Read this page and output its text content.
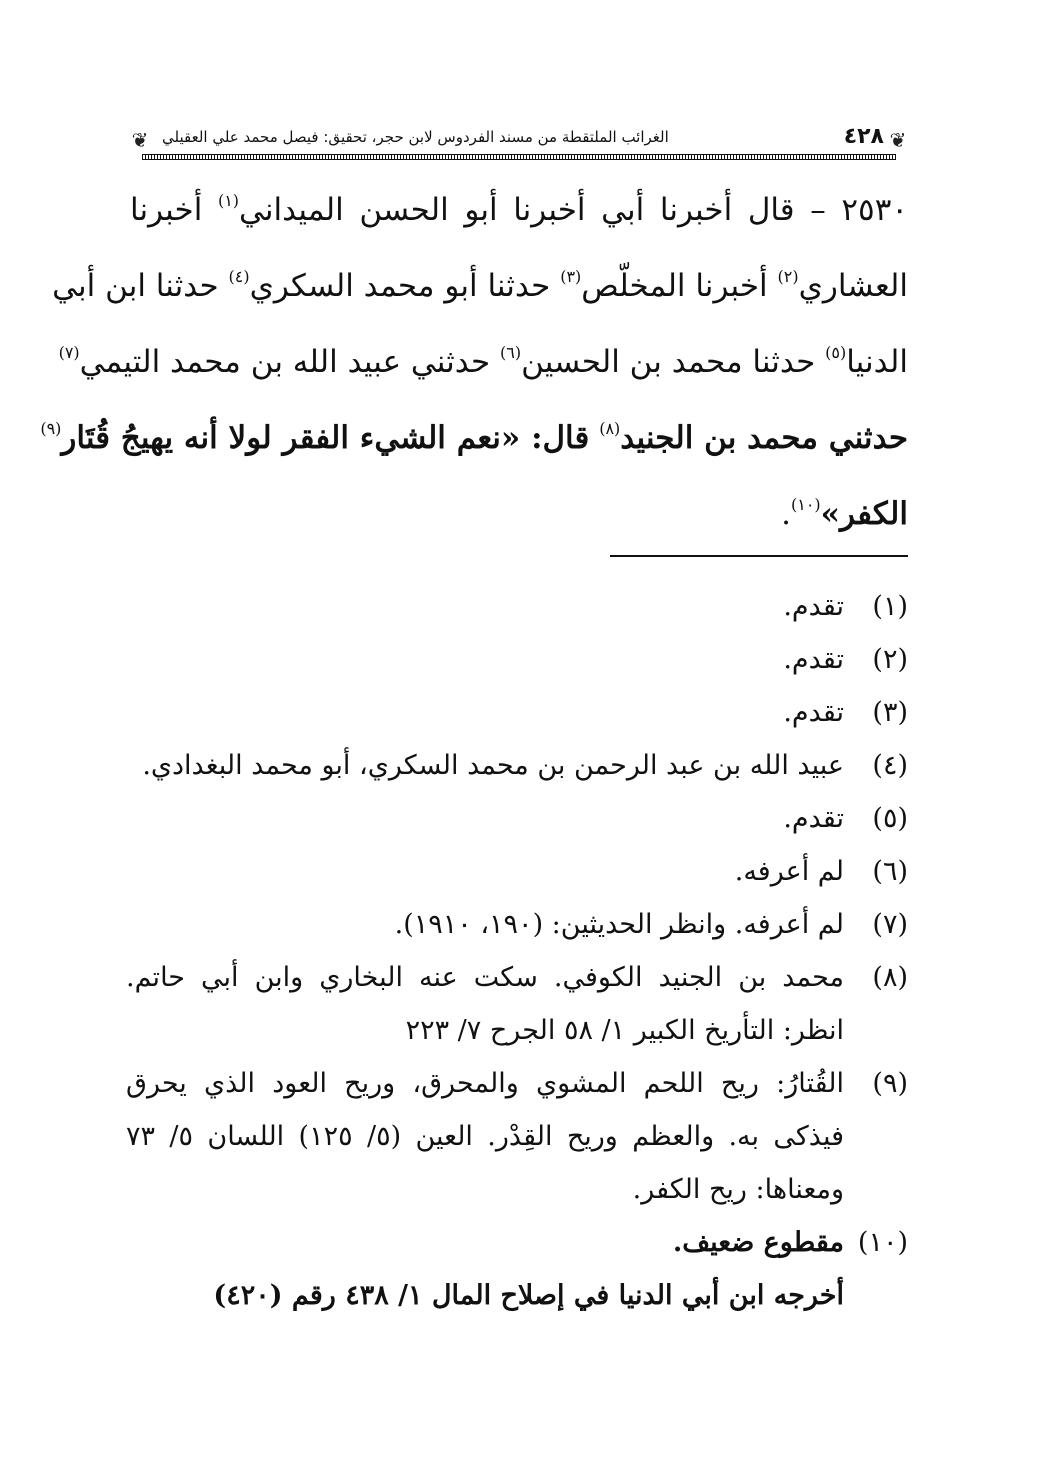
❦
٤٢٨
الغرائب الملتقطة من مسند الفردوس لابن حجر، تحقيق: فيصل محمد علي العقيلي
❦
٢٥٣٠ – قال أخبرنا أبي أخبرنا أبو الحسن الميداني$^{(١)}$ أخبرنا
العشاري$^{(٢)}$ أخبرنا المخلّص$^{(٣)}$ حدثنا أبو محمد السكري$^{(٤)}$ حدثنا ابن أبي
الدنيا$^{(٥)}$ حدثنا محمد بن الحسين$^{(٦)}$ حدثني عبيد الله بن محمد التيمي$^{(٧)}$
حدثني محمد بن الجنيد$^{(٨)}$ قال: «نعم الشيء الفقر لولا أنه يهيجُ قُتَار$^{(٩)}$
الكفر»$^{(١٠)}$.
(١)
تقدم.
(٢)
تقدم.
(٣)
تقدم.
(٤)
عبيد الله بن عبد الرحمن بن محمد السكري، أبو محمد البغدادي.
(٥)
تقدم.
(٦)
لم أعرفه.
(٧)
لم أعرفه. وانظر الحديثين: (١٩٠، ١٩١٠).
(٨)
محمد بن الجنيد الكوفي. سكت عنه البخاري وابن أبي حاتم. انظر: التأريخ الكبير ١/ ٥٨ الجرح ٧/ ٢٢٣
(٩)
القُتارُ: ريح اللحم المشوي والمحرق، وريح العود الذي يحرق فيذكى به. والعظم وريح القِدْر. العين (٥/ ١٢٥) اللسان ٥/ ٧٣ ومعناها: ريح الكفر.
(١٠)
مقطوع ضعيف.
أخرجه ابن أبي الدنيا في إصلاح المال ١/ ٤٣٨ رقم (٤٢٠)
